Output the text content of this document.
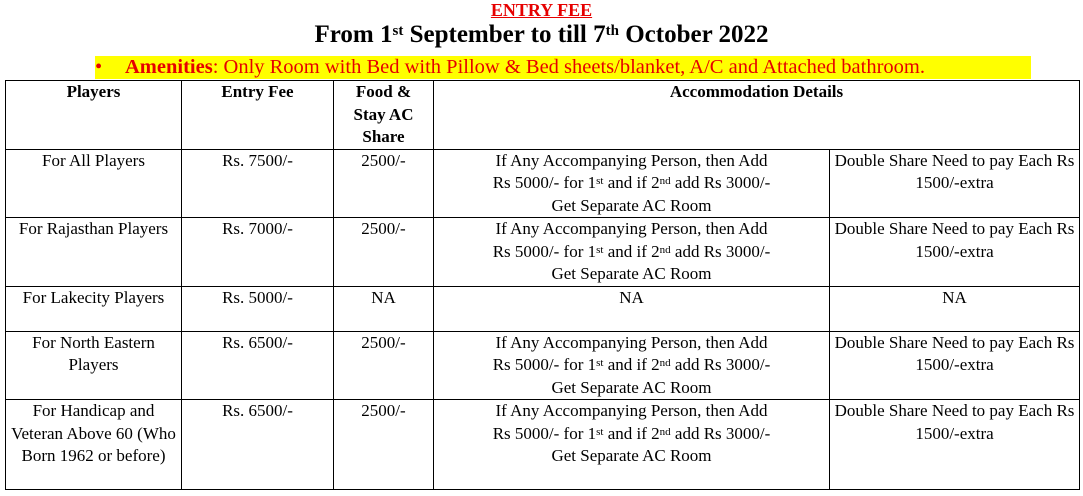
ENTRY FEE
From 1st September to till 7th October 2022
• Amenities: Only Room with Bed with Pillow & Bed sheets/blanket, A/C and Attached bathroom.
Players	Entry Fee	Food & Stay AC Share	Accommodation Details	
For All Players	Rs. 7500/-	2500/-	If Any Accompanying Person, then Add
Rs 5000/- for 1st and if 2nd add Rs 3000/-
Get Separate AC Room	Double Share Need to pay Each Rs 1500/-extra
For Rajasthan Players	Rs. 7000/-	2500/-	If Any Accompanying Person, then Add
Rs 5000/- for 1st and if 2nd add Rs 3000/-
Get Separate AC Room	Double Share Need to pay Each Rs 1500/-extra
For Lakecity Players	Rs. 5000/-	NA	NA	NA
For North Eastern Players	Rs. 6500/-	2500/-	If Any Accompanying Person, then Add
Rs 5000/- for 1st and if 2nd add Rs 3000/-
Get Separate AC Room	Double Share Need to pay Each Rs 1500/-extra
For Handicap and Veteran Above 60 (Who Born 1962 or before)	Rs. 6500/-	2500/-	If Any Accompanying Person, then Add
Rs 5000/- for 1st and if 2nd add Rs 3000/-
Get Separate AC Room	Double Share Need to pay Each Rs 1500/-extra
